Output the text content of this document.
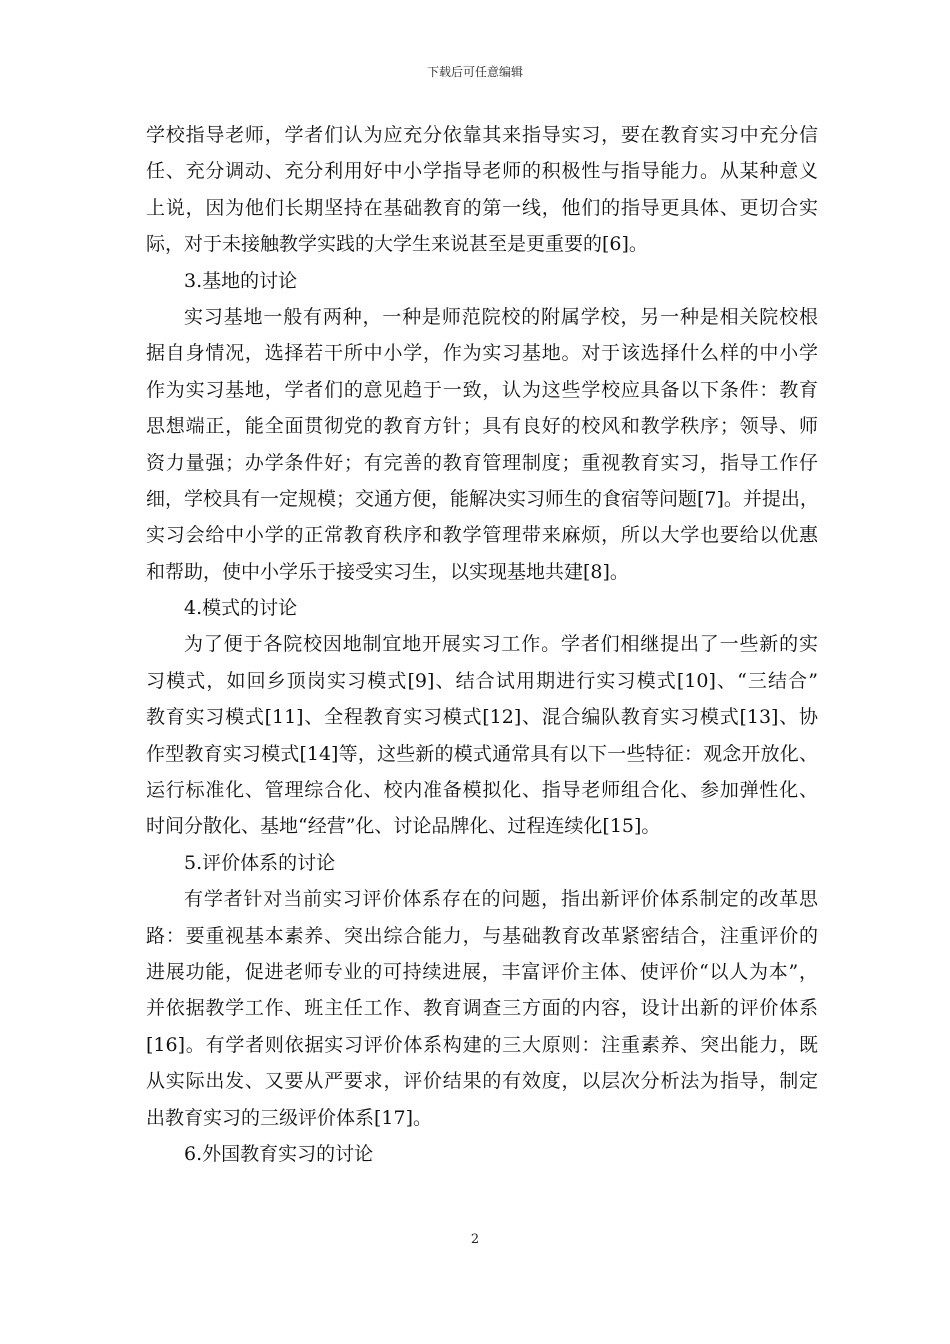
下载后可任意编辑
学校指导老师，学者们认为应充分依靠其来指导实习，要在教育实习中充分信
任、充分调动、充分利用好中小学指导老师的积极性与指导能力。从某种意义
上说，因为他们长期坚持在基础教育的第一线，他们的指导更具体、更切合实
际，对于未接触教学实践的大学生来说甚至是更重要的[6]。
3.基地的讨论
实习基地一般有两种，一种是师范院校的附属学校，另一种是相关院校根
据自身情况，选择若干所中小学，作为实习基地。对于该选择什么样的中小学
作为实习基地，学者们的意见趋于一致，认为这些学校应具备以下条件：教育
思想端正，能全面贯彻党的教育方针；具有良好的校风和教学秩序；领导、师
资力量强；办学条件好；有完善的教育管理制度；重视教育实习，指导工作仔
细，学校具有一定规模；交通方便，能解决实习师生的食宿等问题[7]。并提出，
实习会给中小学的正常教育秩序和教学管理带来麻烦，所以大学也要给以优惠
和帮助，使中小学乐于接受实习生，以实现基地共建[8]。
4.模式的讨论
为了便于各院校因地制宜地开展实习工作。学者们相继提出了一些新的实
习模式，如回乡顶岗实习模式[9]、结合试用期进行实习模式[10]、“三结合”
教育实习模式[11]、全程教育实习模式[12]、混合编队教育实习模式[13]、协
作型教育实习模式[14]等，这些新的模式通常具有以下一些特征：观念开放化、
运行标准化、管理综合化、校内准备模拟化、指导老师组合化、参加弹性化、
时间分散化、基地“经营”化、讨论品牌化、过程连续化[15]。
5.评价体系的讨论
有学者针对当前实习评价体系存在的问题，指出新评价体系制定的改革思
路：要重视基本素养、突出综合能力，与基础教育改革紧密结合，注重评价的
进展功能，促进老师专业的可持续进展，丰富评价主体、使评价“以人为本”，
并依据教学工作、班主任工作、教育调查三方面的内容，设计出新的评价体系
[16]。有学者则依据实习评价体系构建的三大原则：注重素养、突出能力，既
从实际出发、又要从严要求，评价结果的有效度，以层次分析法为指导，制定
出教育实习的三级评价体系[17]。
6.外国教育实习的讨论
2
